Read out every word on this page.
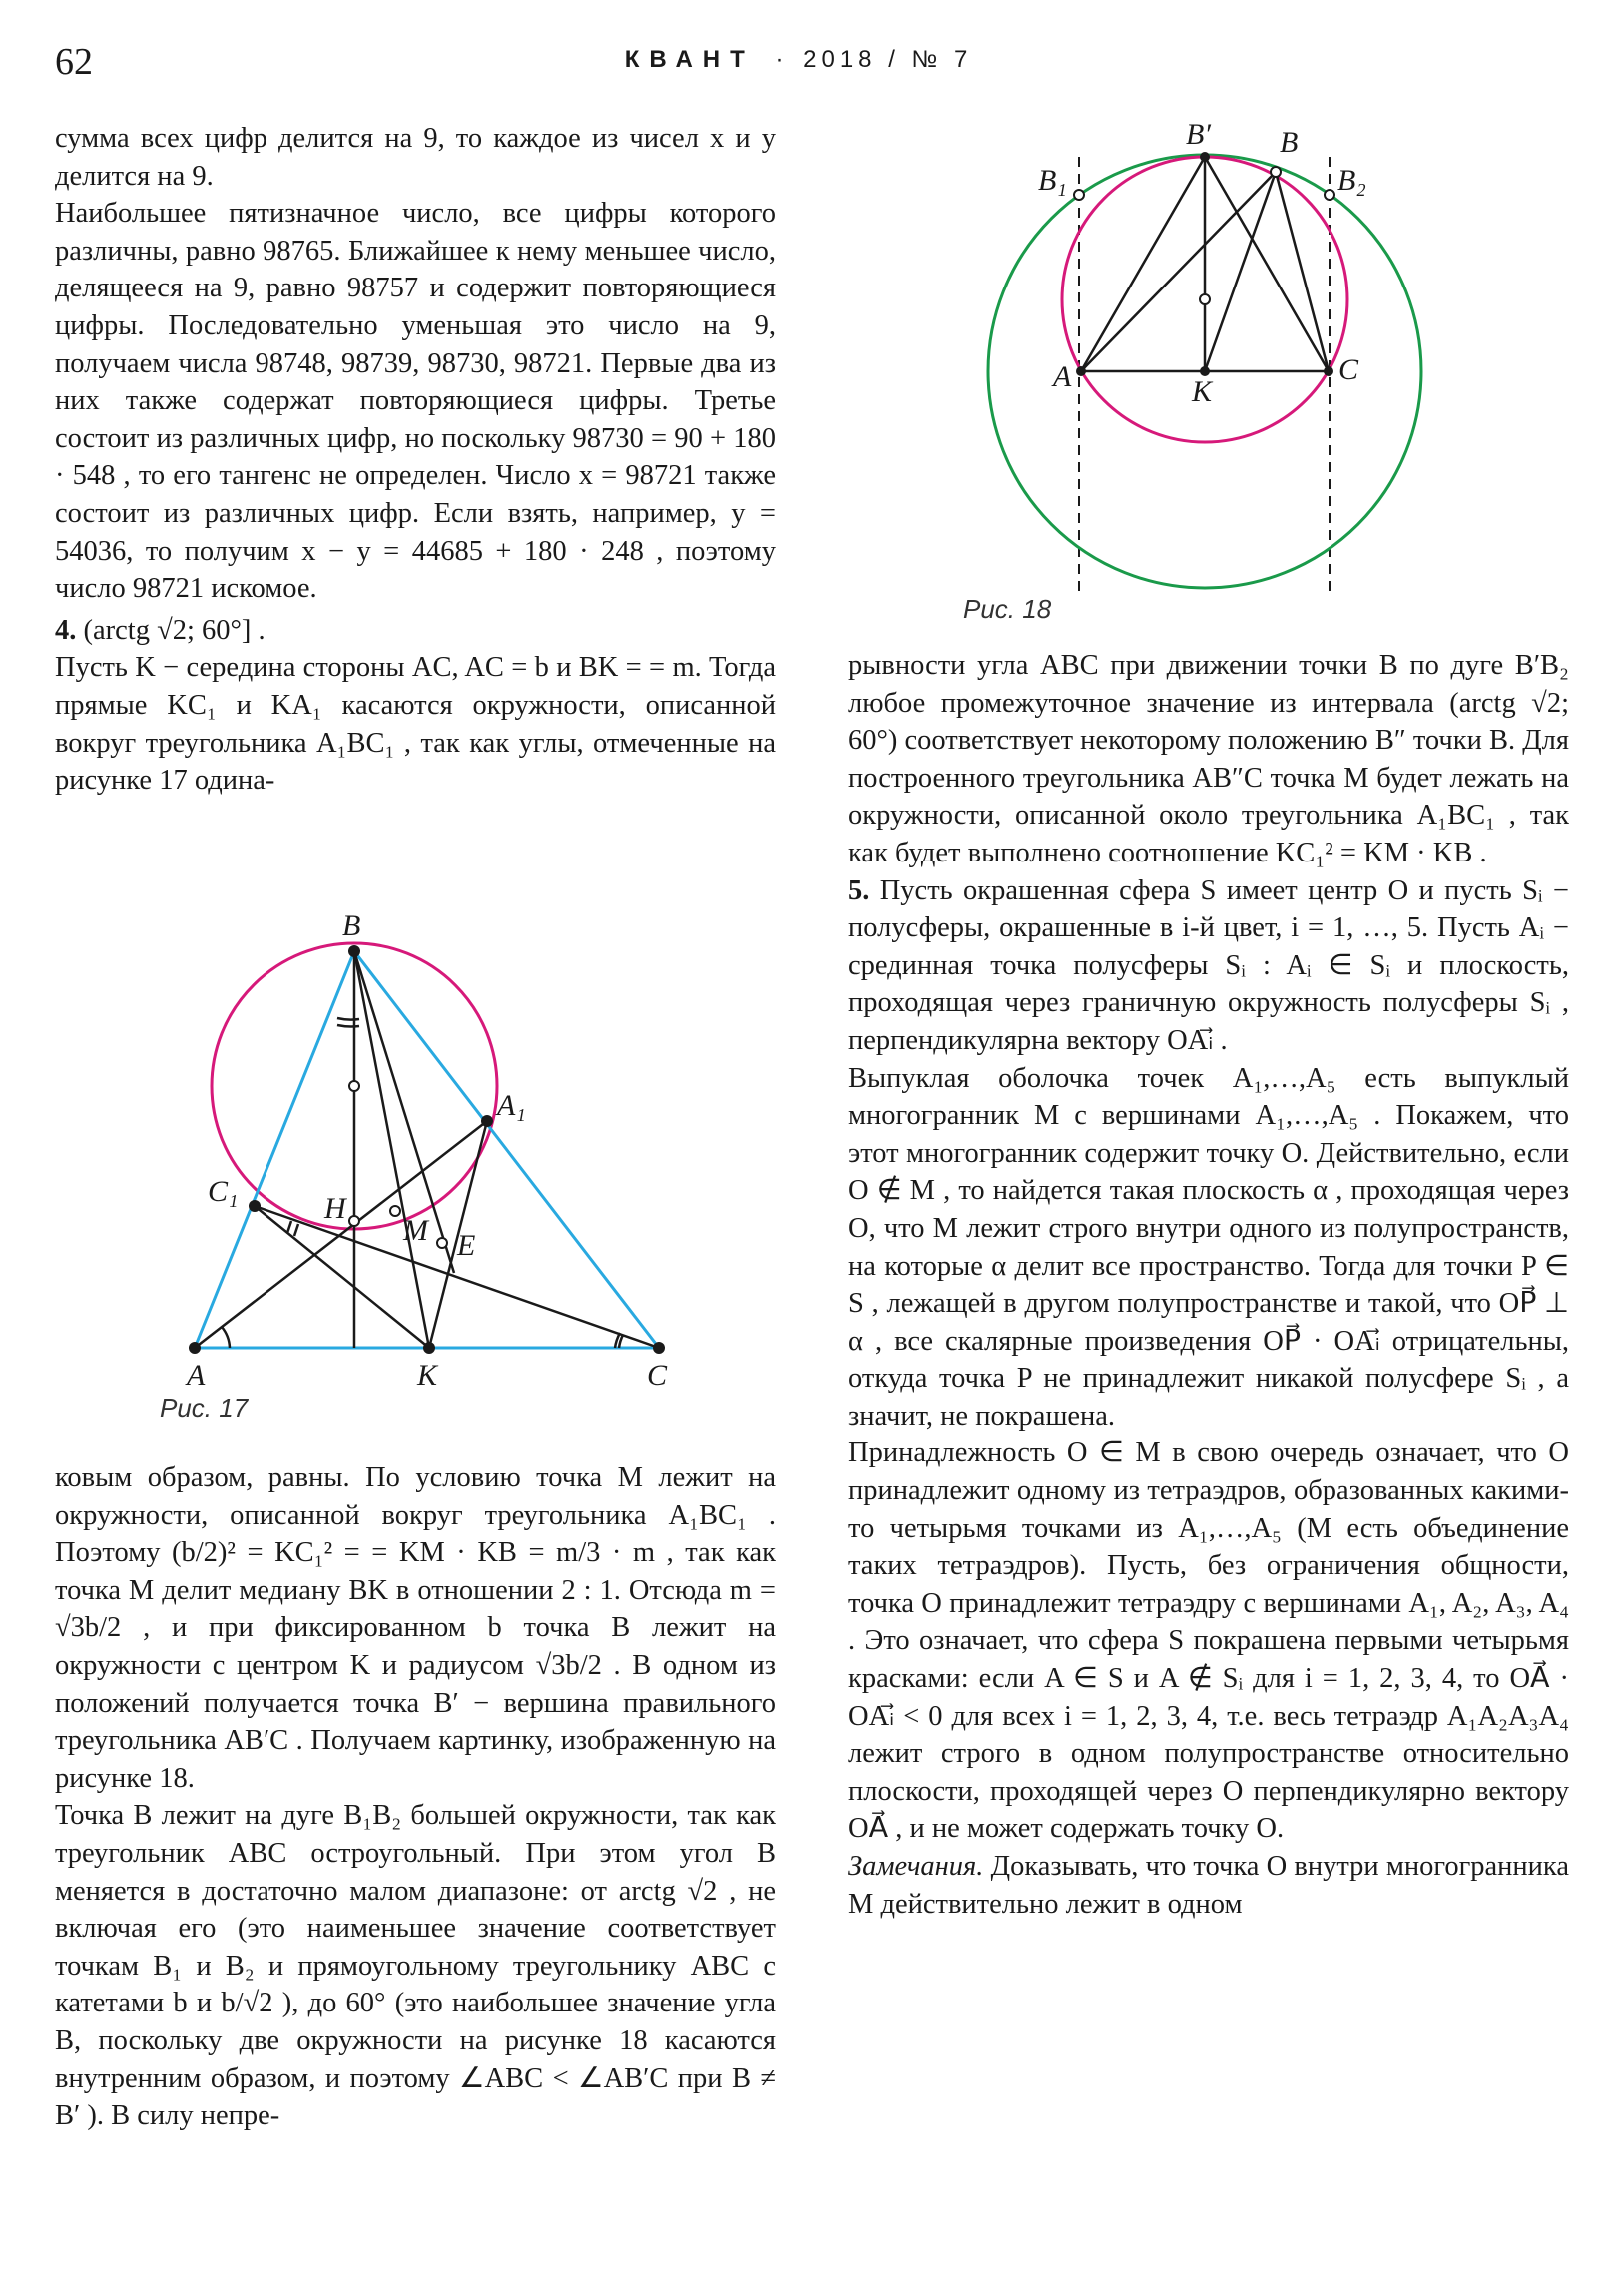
62	КВАНТ · 2018 / № 7

сумма всех цифр делится на 9, то каждое из чисел x и y делится на 9.

Наибольшее пятизначное число, все цифры которого различны, равно 98765. Ближайшее к нему меньшее число, делящееся на 9, равно 98757 и содержит повторяющиеся цифры. Последовательно уменьшая это число на 9, получаем числа 98748, 98739, 98730, 98721. Первые два из них также содержат повторяющиеся цифры. Третье состоит из различных цифр, но поскольку 98730 = 90 + 180 · 548 , то его тангенс не определен. Число x = 98721 также состоит из различных цифр. Если взять, например, y = 54036, то получим x − y = 44685 + 180 · 248 , поэтому число 98721 искомое.

4. (arctg √2; 60°] .

Пусть K − середина стороны AC, AC = b и BK = = m. Тогда прямые KC₁ и KA₁ касаются окружности, описанной вокруг треугольника A₁BC₁ , так как углы, отмеченные на рисунке 17 одина-

B
A₁
C₁
H
M E
A	K	C
Рис. 17

ковым образом, равны. По условию точка M лежит на окружности, описанной вокруг треугольника A₁BC₁ . Поэтому (b/2)² = KC₁² = = KM · KB = m/3 · m , так как точка M делит медиану BK в отношении 2 : 1. Отсюда m = √3b/2 , и при фиксированном b точка B лежит на окружности с центром K и радиусом √3b/2 . В одном из положений получается точка B′ − вершина правильного треугольника AB′C . Получаем картинку, изображенную на рисунке 18.

Точка B лежит на дуге B₁B₂ большей окружности, так как треугольник ABC остроугольный. При этом угол B меняется в достаточно малом диапазоне: от arctg √2 , не включая его (это наименьшее значение соответствует точкам B₁ и B₂ и прямоугольному треугольнику ABC с катетами b и b/√2 ), до 60° (это наибольшее значение угла B, поскольку две окружности на рисунке 18 касаются внутренним образом, и поэтому ∠ABC < ∠AB′C при B ≠ B′ ). В силу непре-

B′ B
B₁	B₂
A	C
K
Рис. 18

рывности угла ABC при движении точки B по дуге B′B₂ любое промежуточное значение из интервала (arctg √2; 60°) соответствует некоторому положению B″ точки B. Для построенного треугольника AB″C точка M будет лежать на окружности, описанной около треугольника A₁BC₁ , так как будет выполнено соотношение KC₁² = KM · KB .

5. Пусть окрашенная сфера S имеет центр O и пусть Sᵢ − полусферы, окрашенные в i-й цвет, i = 1, …, 5. Пусть Aᵢ − срединная точка полусферы Sᵢ : Aᵢ ∈ Sᵢ и плоскость, проходящая через граничную окружность полусферы Sᵢ , перпендикулярна вектору OAᵢ⃗ .

Выпуклая оболочка точек A₁,…,A₅ есть выпуклый многогранник M с вершинами A₁,…,A₅ . Покажем, что этот многогранник содержит точку O. Действительно, если O ∉ M , то найдется такая плоскость α , проходящая через O, что M лежит строго внутри одного из полупространств, на которые α делит все пространство. Тогда для точки P ∈ S , лежащей в другом полупространстве и такой, что OP⃗ ⊥ α , все скалярные произведения OP⃗ · OAᵢ⃗ отрицательны, откуда точка P не принадлежит никакой полусфере Sᵢ , а значит, не покрашена.

Принадлежность O ∈ M в свою очередь означает, что O принадлежит одному из тетраэдров, образованных какими-то четырьмя точками из A₁,…,A₅ (M есть объединение таких тетраэдров). Пусть, без ограничения общности, точка O принадлежит тетраэдру с вершинами A₁, A₂, A₃, A₄ . Это означает, что сфера S покрашена первыми четырьмя красками: если A ∈ S и A ∉ Sᵢ для i = 1, 2, 3, 4, то OA⃗ · OAᵢ⃗ < 0 для всех i = 1, 2, 3, 4, т.е. весь тетраэдр A₁A₂A₃A₄ лежит строго в одном полупространстве относительно плоскости, проходящей через O перпендикулярно вектору OA⃗ , и не может содержать точку O.

Замечания. Доказывать, что точка O внутри многогранника M действительно лежит в одном
